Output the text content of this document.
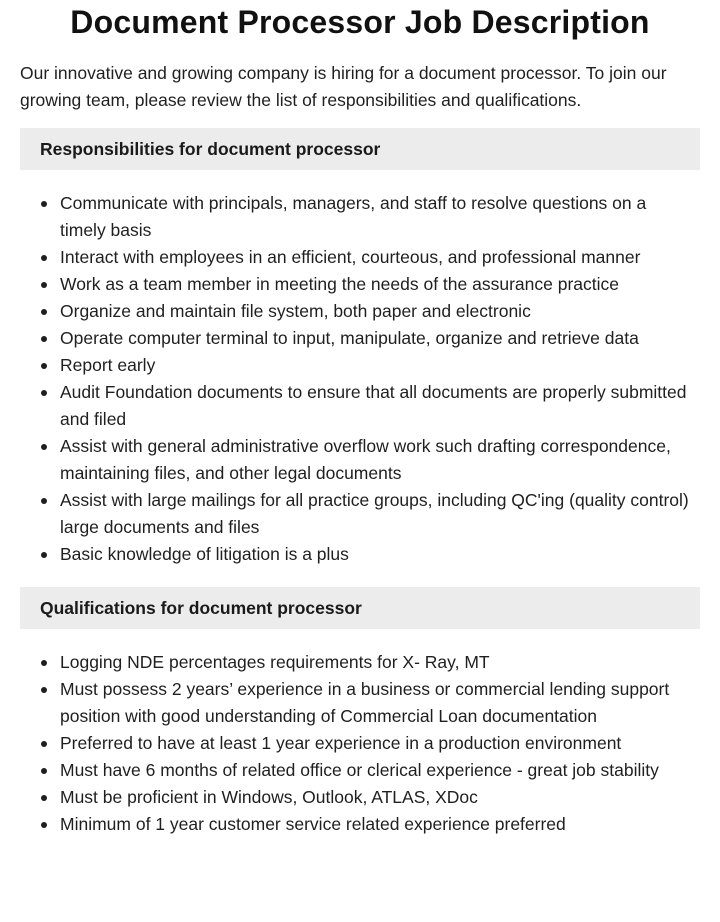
Document Processor Job Description

Our innovative and growing company is hiring for a document processor. To join our growing team, please review the list of responsibilities and qualifications.

Responsibilities for document processor
Communicate with principals, managers, and staff to resolve questions on a timely basis
Interact with employees in an efficient, courteous, and professional manner
Work as a team member in meeting the needs of the assurance practice
Organize and maintain file system, both paper and electronic
Operate computer terminal to input, manipulate, organize and retrieve data
Report early
Audit Foundation documents to ensure that all documents are properly submitted and filed
Assist with general administrative overflow work such drafting correspondence, maintaining files, and other legal documents
Assist with large mailings for all practice groups, including QC'ing (quality control) large documents and files
Basic knowledge of litigation is a plus
Qualifications for document processor
Logging NDE percentages requirements for X- Ray, MT
Must possess 2 years’ experience in a business or commercial lending support position with good understanding of Commercial Loan documentation
Preferred to have at least 1 year experience in a production environment
Must have 6 months of related office or clerical experience - great job stability
Must be proficient in Windows, Outlook, ATLAS, XDoc
Minimum of 1 year customer service related experience preferred
